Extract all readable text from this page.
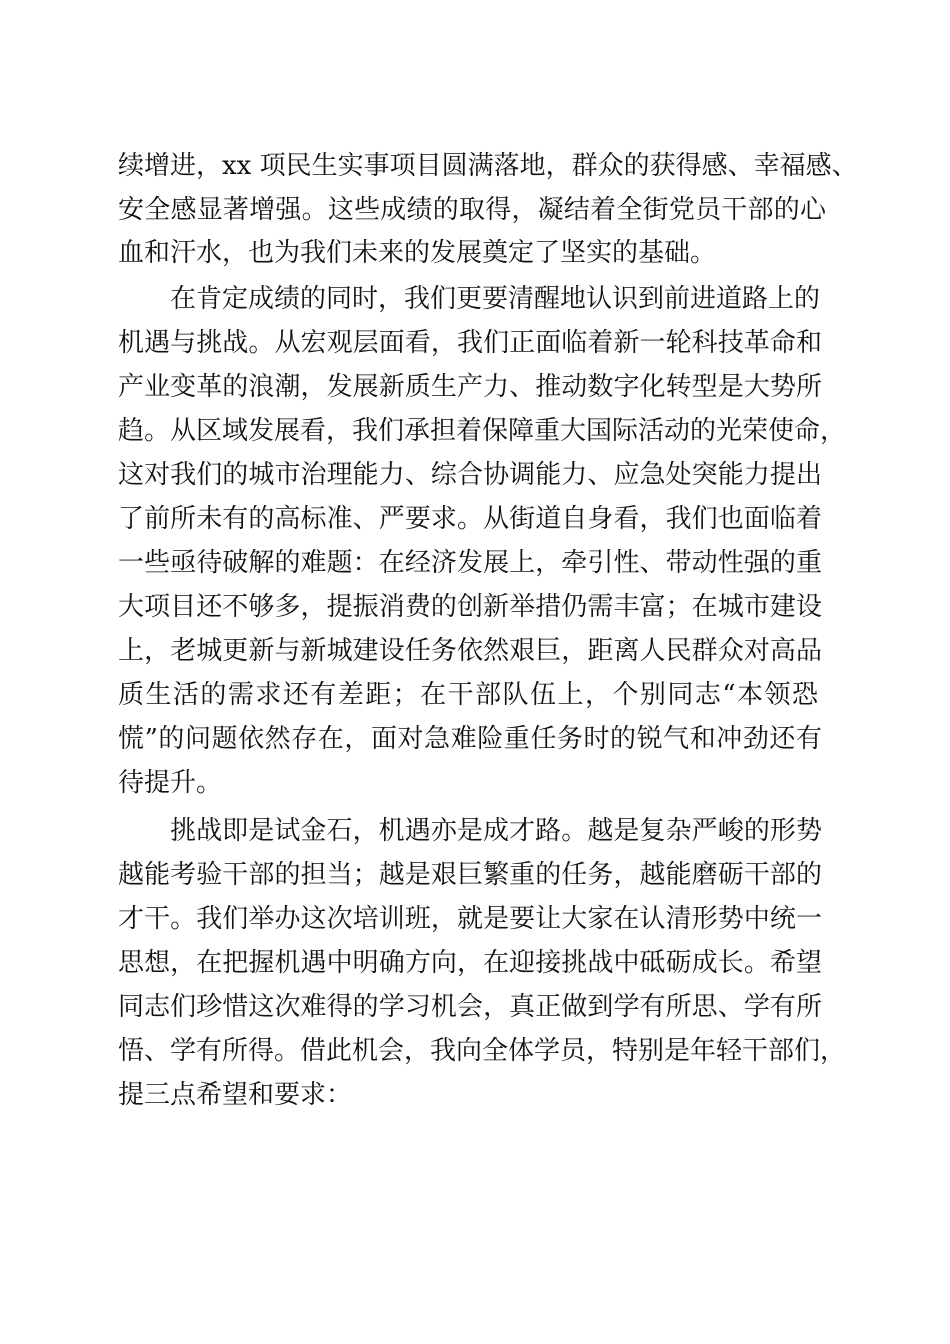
续增进，xx 项民生实事项目圆满落地，群众的获得感、幸福感、
安全感显著增强。这些成绩的取得，凝结着全街党员干部的心
血和汗水，也为我们未来的发展奠定了坚实的基础。
在肯定成绩的同时，我们更要清醒地认识到前进道路上的
机遇与挑战。从宏观层面看，我们正面临着新一轮科技革命和
产业变革的浪潮，发展新质生产力、推动数字化转型是大势所
趋。从区域发展看，我们承担着保障重大国际活动的光荣使命，
这对我们的城市治理能力、综合协调能力、应急处突能力提出
了前所未有的高标准、严要求。从街道自身看，我们也面临着
一些亟待破解的难题：在经济发展上，牵引性、带动性强的重
大项目还不够多，提振消费的创新举措仍需丰富；在城市建设
上，老城更新与新城建设任务依然艰巨，距离人民群众对高品
质生活的需求还有差距；在干部队伍上，个别同志“本领恐
慌”的问题依然存在，面对急难险重任务时的锐气和冲劲还有
待提升。
挑战即是试金石，机遇亦是成才路。越是复杂严峻的形势
越能考验干部的担当；越是艰巨繁重的任务，越能磨砺干部的
才干。我们举办这次培训班，就是要让大家在认清形势中统一
思想，在把握机遇中明确方向，在迎接挑战中砥砺成长。希望
同志们珍惜这次难得的学习机会，真正做到学有所思、学有所
悟、学有所得。借此机会，我向全体学员，特别是年轻干部们，
提三点希望和要求：
